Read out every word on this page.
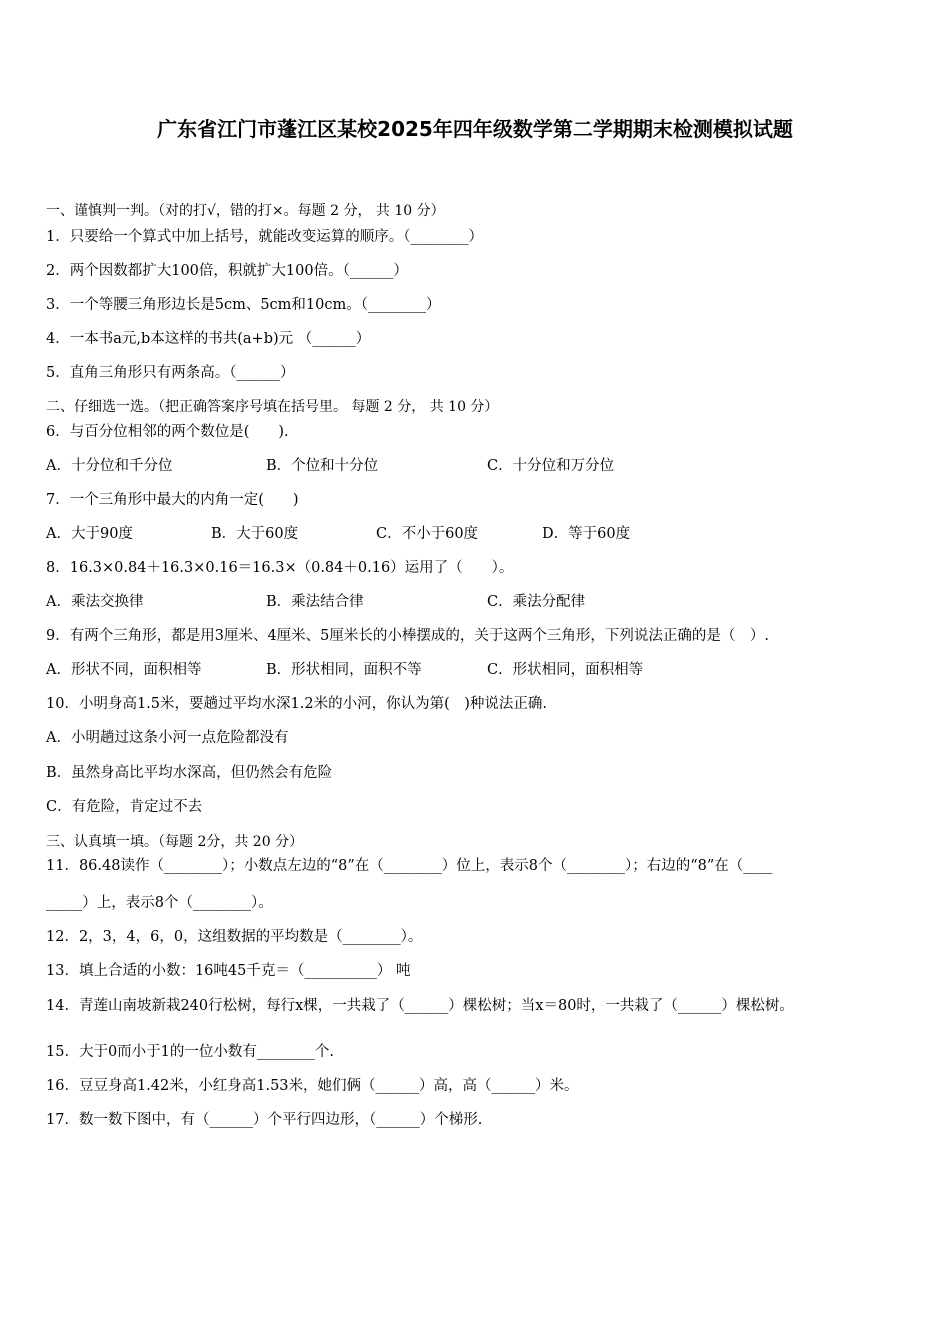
广东省江门市蓬江区某校2025年四年级数学第二学期期末检测模拟试题
一、谨慎判一判。（对的打√，错的打×。每题 2 分， 共 10 分）
1．只要给一个算式中加上括号，就能改变运算的顺序。（________）
2．两个因数都扩大100倍，积就扩大100倍。（______）
3．一个等腰三角形边长是5cm、5cm和10cm。（________）
4．一本书a元,b本这样的书共(a+b)元 （______）
5．直角三角形只有两条高。（______）
二、仔细选一选。（把正确答案序号填在括号里。 每题 2 分， 共 10 分）
6．与百分位相邻的两个数位是(　　).
A．十分位和千分位	B．个位和十分位	C．十分位和万分位
7．一个三角形中最大的内角一定(　　)
A．大于90度	B．大于60度	C．不小于60度	D．等于60度
8．16.3×0.84＋16.3×0.16＝16.3×（0.84＋0.16）运用了（　　）。
A．乘法交换律	B．乘法结合律	C．乘法分配律
9．有两个三角形，都是用3厘米、4厘米、5厘米长的小棒摆成的，关于这两个三角形，下列说法正确的是（　）.
A．形状不同，面积相等	B．形状相同，面积不等	C．形状相同，面积相等
10．小明身高1.5米，要趟过平均水深1.2米的小河，你认为第(　)种说法正确.
A．小明趟过这条小河一点危险都没有
B．虽然身高比平均水深高，但仍然会有危险
C．有危险，肯定过不去
三、认真填一填。（每题 2分，共 20 分）
11．86.48读作（________）；小数点左边的“8”在（________）位上，表示8个（________）；右边的“8”在（____
_____）上，表示8个（________）。
12．2，3，4，6，0，这组数据的平均数是（________）。
13．填上合适的小数：16吨45千克＝（__________） 吨
14．青莲山南坡新栽240行松树，每行x棵，一共栽了（______）棵松树；当x＝80时，一共栽了（______）棵松树。
15．大于0而小于1的一位小数有________个.
16．豆豆身高1.42米，小红身高1.53米，她们俩（______）高，高（______）米。
17．数一数下图中，有（______）个平行四边形，（______）个梯形.
